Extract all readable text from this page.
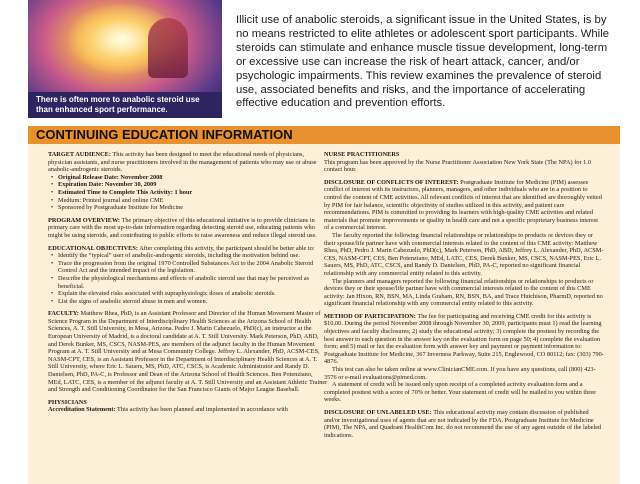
There is often more to anabolic steroid use than enhanced sport performance.
Illicit use of anabolic steroids, a significant issue in the United States, is by no means restricted to elite athletes or adolescent sport participants. While steroids can stimulate and enhance muscle tissue development, long-term or excessive use can increase the risk of heart attack, cancer, and/or psychologic impairments. This review examines the prevalence of steroid use, associated benefits and risks, and the importance of accelerating effective education and prevention efforts.
CONTINUING EDUCATION INFORMATION

TARGET AUDIENCE: This activity has been designed to meet the educational needs of physicians, physician assistants, and nurse practitioners involved in the management of patients who may use or abuse anabolic-androgenic steroids.

• Original Release Date: November 2008
• Expiration Date: November 30, 2009
• Estimated Time to Complete This Activity: 1 hour
• Medium: Printed journal and online CME
• Sponsored by Postgraduate Institute for Medicine

PROGRAM OVERVIEW: The primary objective of this educational initiative is to provide clinicians in primary care with the most up-to-date information regarding detecting steroid use, educating patients who might be using steroids, and contributing to public efforts to raise awareness and reduce illegal steroid use.

EDUCATIONAL OBJECTIVES: After completing this activity, the participant should be better able to:

• Identify the “typical” user of anabolic-androgenic steroids, including the motivation behind use.
• Trace the progression from the original 1970 Controlled Substances Act to the 2004 Anabolic Steroid Control Act and the intended impact of the legislation.
• Describe the physiological mechanisms and effects of anabolic steroid use that may be perceived as beneficial.
• Explain the elevated risks associated with supraphysiologic doses of anabolic steroids.
• List the signs of anabolic steroid abuse in men and women.

FACULTY: Matthew Rhea, PhD, is an Assistant Professor and Director of the Human Movement Master of Science Program in the Department of Interdisciplinary Health Sciences at the Arizona School of Health Sciences, A. T. Still University, in Mesa, Arizona. Pedro J. Marin Cabezuelo, PhD(c), an instructor at the European University of Madrid, is a doctoral candidate at A. T. Still University. Mark Peterson, PhD, ABD, and Derek Bunker, MS, CSCS, NASM-PES, are members of the adjunct faculty in the Human Movement Program at A. T. Still University and at Mesa Community College. Jeffrey L. Alexander, PhD, ACSM-CES, NASM-CPT, CES, is an Assistant Professor in the Department of Interdisciplinary Health Sciences at A. T. Still University, where Eric L. Sauers, MS, PhD, ATC, CSCS, is Academic Administrator and Randy D. Danielsen, PhD, PA-C, is Professor and Dean of the Arizona School of Health Sciences. Ben Potenziano, MEd, LATC, CES, is a member of the adjunct faculty at A. T. Still University and an Assistant Athletic Trainer and Strength and Conditioning Coordinator for the San Francisco Giants of Major League Baseball.

PHYSICIANS

Accreditation Statement: This activity has been planned and implemented in accordance with

NURSE PRACTITIONERS

This program has been approved by the Nurse Practitioner Association New York State (The NPA) for 1.0 contact hour.

DISCLOSURE OF CONFLICTS OF INTEREST: Postgraduate Institute for Medicine (PIM) assesses conflict of interest with its instructors, planners, managers, and other individuals who are in a position to control the content of CME activities. All relevant conflicts of interest that are identified are thoroughly vetted by PIM for fair balance, scientific objectivity of studies utilized in this activity, and patient care recommendations. PIM is committed to providing its learners with high-quality CME activities and related materials that promote improvements or quality in health care and not a specific proprietary business interest of a commercial interest.

The faculty reported the following financial relationships or relationships to products or devices they or their spouse/life partner have with commercial interests related to the content of this CME activity: Matthew Rhea, PhD, Pedro J. Marin Cabezuelo, PhD(c), Mark Peterson, PhD, ABD, Jeffrey L. Alexander, PhD, ACSM-CES, NASM-CPT, CES, Ben Potenziano, MEd, LATC, CES, Derek Bunker, MS, CSCS, NASM-PES, Eric L. Sauers, MS, PhD, ATC, CSCS, and Randy D. Danielsen, PhD, PA-C, reported no significant financial relationship with any commercial entity related to this activity.

The planners and managers reported the following financial relationships or relationships to products or devices they or their spouse/life partner have with commercial interests related to the content of this CME activity: Jan Hixon, RN, BSN, MA, Linda Graham, RN, BSN, BA, and Trace Hutchison, PharmD, reported no significant financial relationship with any commercial entity related to this activity.

METHOD OF PARTICIPATION: The fee for participating and receiving CME credit for this activity is $10.00. During the period November 2008 through November 30, 2009, participants must 1) read the learning objectives and faculty disclosures; 2) study the educational activity; 3) complete the posttest by recording the best answer to each question in the answer key on the evaluation form on page 50; 4) complete the evaluation form; and 5) mail or fax the evaluation form with answer key and payment or payment information to: Postgraduate Institute for Medicine, 367 Inverness Parkway, Suite 215, Englewood, CO 80112; fax: (303) 790-4876.

This test can also be taken online at www.ClinicianCME.com. If you have any questions, call (800) 423-3576 or e-mail evaluations@pimed.com.

A statement of credit will be issued only upon receipt of a completed activity evaluation form and a completed posttest with a score of 70% or better. Your statement of credit will be mailed to you within three weeks.

DISCLOSURE OF UNLABELED USE: This educational activity may contain discussion of published and/or investigational uses of agents that are not indicated by the FDA. Postgraduate Institute for Medicine (PIM), The NPA, and Quadrant HealthCom Inc. do not recommend the use of any agent outside of the labeled indications.
